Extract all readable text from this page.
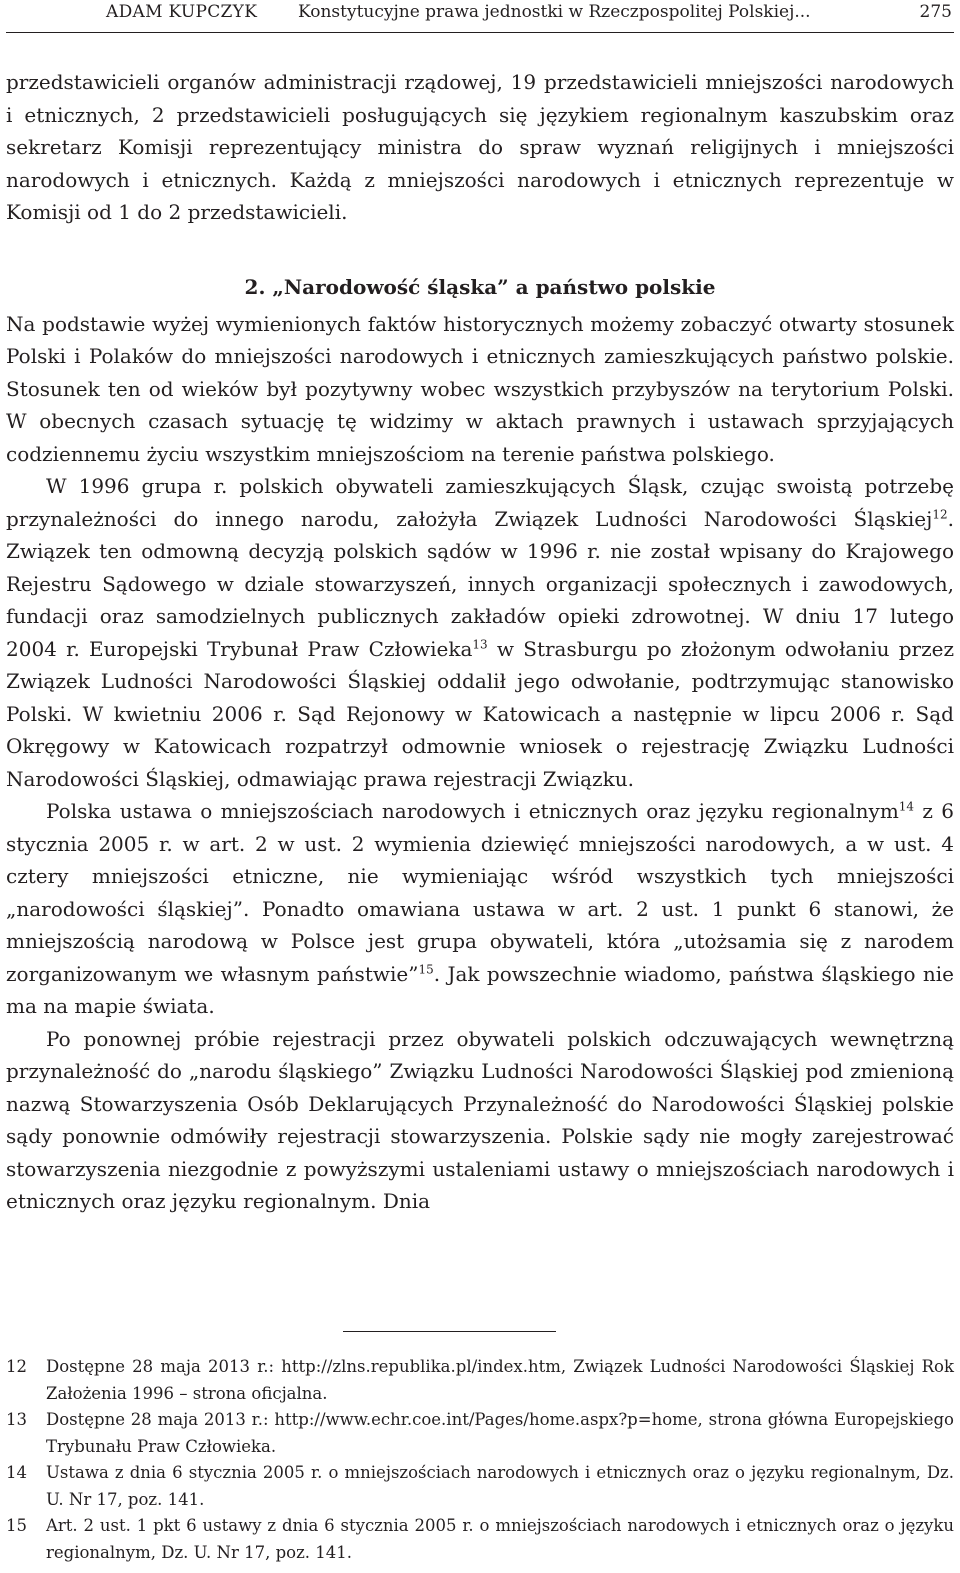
ADAM KUPCZYK Konstytucyjne prawa jednostki w Rzeczpospolitej Polskiej...	275

przedstawicieli organów administracji rządowej, 19 przedstawicieli mniejszości narodowych i etnicznych, 2 przedstawicieli posługujących się językiem regionalnym kaszubskim oraz sekretarz Komisji reprezentujący ministra do spraw wyznań religijnych i mniejszości narodowych i etnicznych. Każdą z mniejszości narodowych i etnicznych reprezentuje w Komisji od 1 do 2 przedstawicieli.

2. „Narodowość śląska” a państwo polskie

Na podstawie wyżej wymienionych faktów historycznych możemy zobaczyć otwarty stosunek Polski i Polaków do mniejszości narodowych i etnicznych zamieszkujących państwo polskie. Stosunek ten od wieków był pozytywny wobec wszystkich przybyszów na terytorium Polski. W obecnych czasach sytuację tę widzimy w aktach prawnych i ustawach sprzyjających codziennemu życiu wszystkim mniejszościom na terenie państwa polskiego.

W 1996 grupa r. polskich obywateli zamieszkujących Śląsk, czując swoistą potrzebę przynależności do innego narodu, założyła Związek Ludności Narodowości Śląskiej$^{12}$. Związek ten odmowną decyzją polskich sądów w 1996 r. nie został wpisany do Krajowego Rejestru Sądowego w dziale stowarzyszeń, innych organizacji społecznych i zawodowych, fundacji oraz samodzielnych publicznych zakładów opieki zdrowotnej. W dniu 17 lutego 2004 r. Europejski Trybunał Praw Człowieka$^{13}$ w Strasburgu po złożonym odwołaniu przez Związek Ludności Narodowości Śląskiej oddalił jego odwołanie, podtrzymując stanowisko Polski. W kwietniu 2006 r. Sąd Rejonowy w Katowicach a następnie w lipcu 2006 r. Sąd Okręgowy w Katowicach rozpatrzył odmownie wniosek o rejestrację Związku Ludności Narodowości Śląskiej, odmawiając prawa rejestracji Związku.

Polska ustawa o mniejszościach narodowych i etnicznych oraz języku regionalnym$^{14}$ z 6 stycznia 2005 r. w art. 2 w ust. 2 wymienia dziewięć mniejszości narodowych, a w ust. 4 cztery mniejszości etniczne, nie wymieniając wśród wszystkich tych mniejszości „narodowości śląskiej”. Ponadto omawiana ustawa w art. 2 ust. 1 punkt 6 stanowi, że mniejszością narodową w Polsce jest grupa obywateli, która „utożsamia się z narodem zorganizowanym we własnym państwie”$^{15}$. Jak powszechnie wiadomo, państwa śląskiego nie ma na mapie świata.

Po ponownej próbie rejestracji przez obywateli polskich odczuwających wewnętrzną przynależność do „narodu śląskiego” Związku Ludności Narodowości Śląskiej pod zmienioną nazwą Stowarzyszenia Osób Deklarujących Przynależność do Narodowości Śląskiej polskie sądy ponownie odmówiły rejestracji stowarzyszenia. Polskie sądy nie mogły zarejestrować stowarzyszenia niezgodnie z powyższymi ustaleniami ustawy o mniejszościach narodowych i etnicznych oraz języku regionalnym. Dnia

12 Dostępne 28 maja 2013 r.: http://zlns.republika.pl/index.htm, Związek Ludności Narodowości Śląskiej Rok Założenia 1996 – strona oficjalna.
13 Dostępne 28 maja 2013 r.: http://www.echr.coe.int/Pages/home.aspx?p=home, strona główna Europejskiego Trybunału Praw Człowieka.
14 Ustawa z dnia 6 stycznia 2005 r. o mniejszościach narodowych i etnicznych oraz o języku regionalnym, Dz. U. Nr 17, poz. 141.
15 Art. 2 ust. 1 pkt 6 ustawy z dnia 6 stycznia 2005 r. o mniejszościach narodowych i etnicznych oraz o języku regionalnym, Dz. U. Nr 17, poz. 141.
